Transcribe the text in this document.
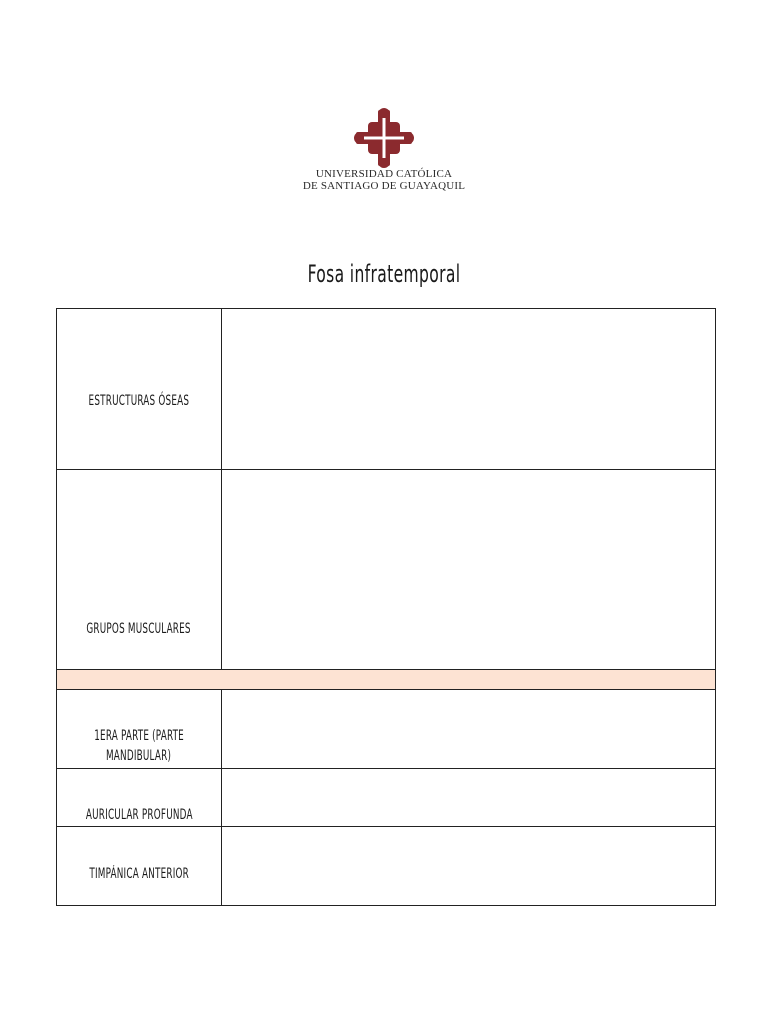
UNIVERSIDAD CATÓLICA
DE SANTIAGO DE GUAYAQUIL
Fosa infratemporal
ESTRUCTURAS ÓSEAS
GRUPOS MUSCULARES
1ERA PARTE (PARTE
MANDIBULAR)
AURICULAR PROFUNDA
TIMPÁNICA ANTERIOR
